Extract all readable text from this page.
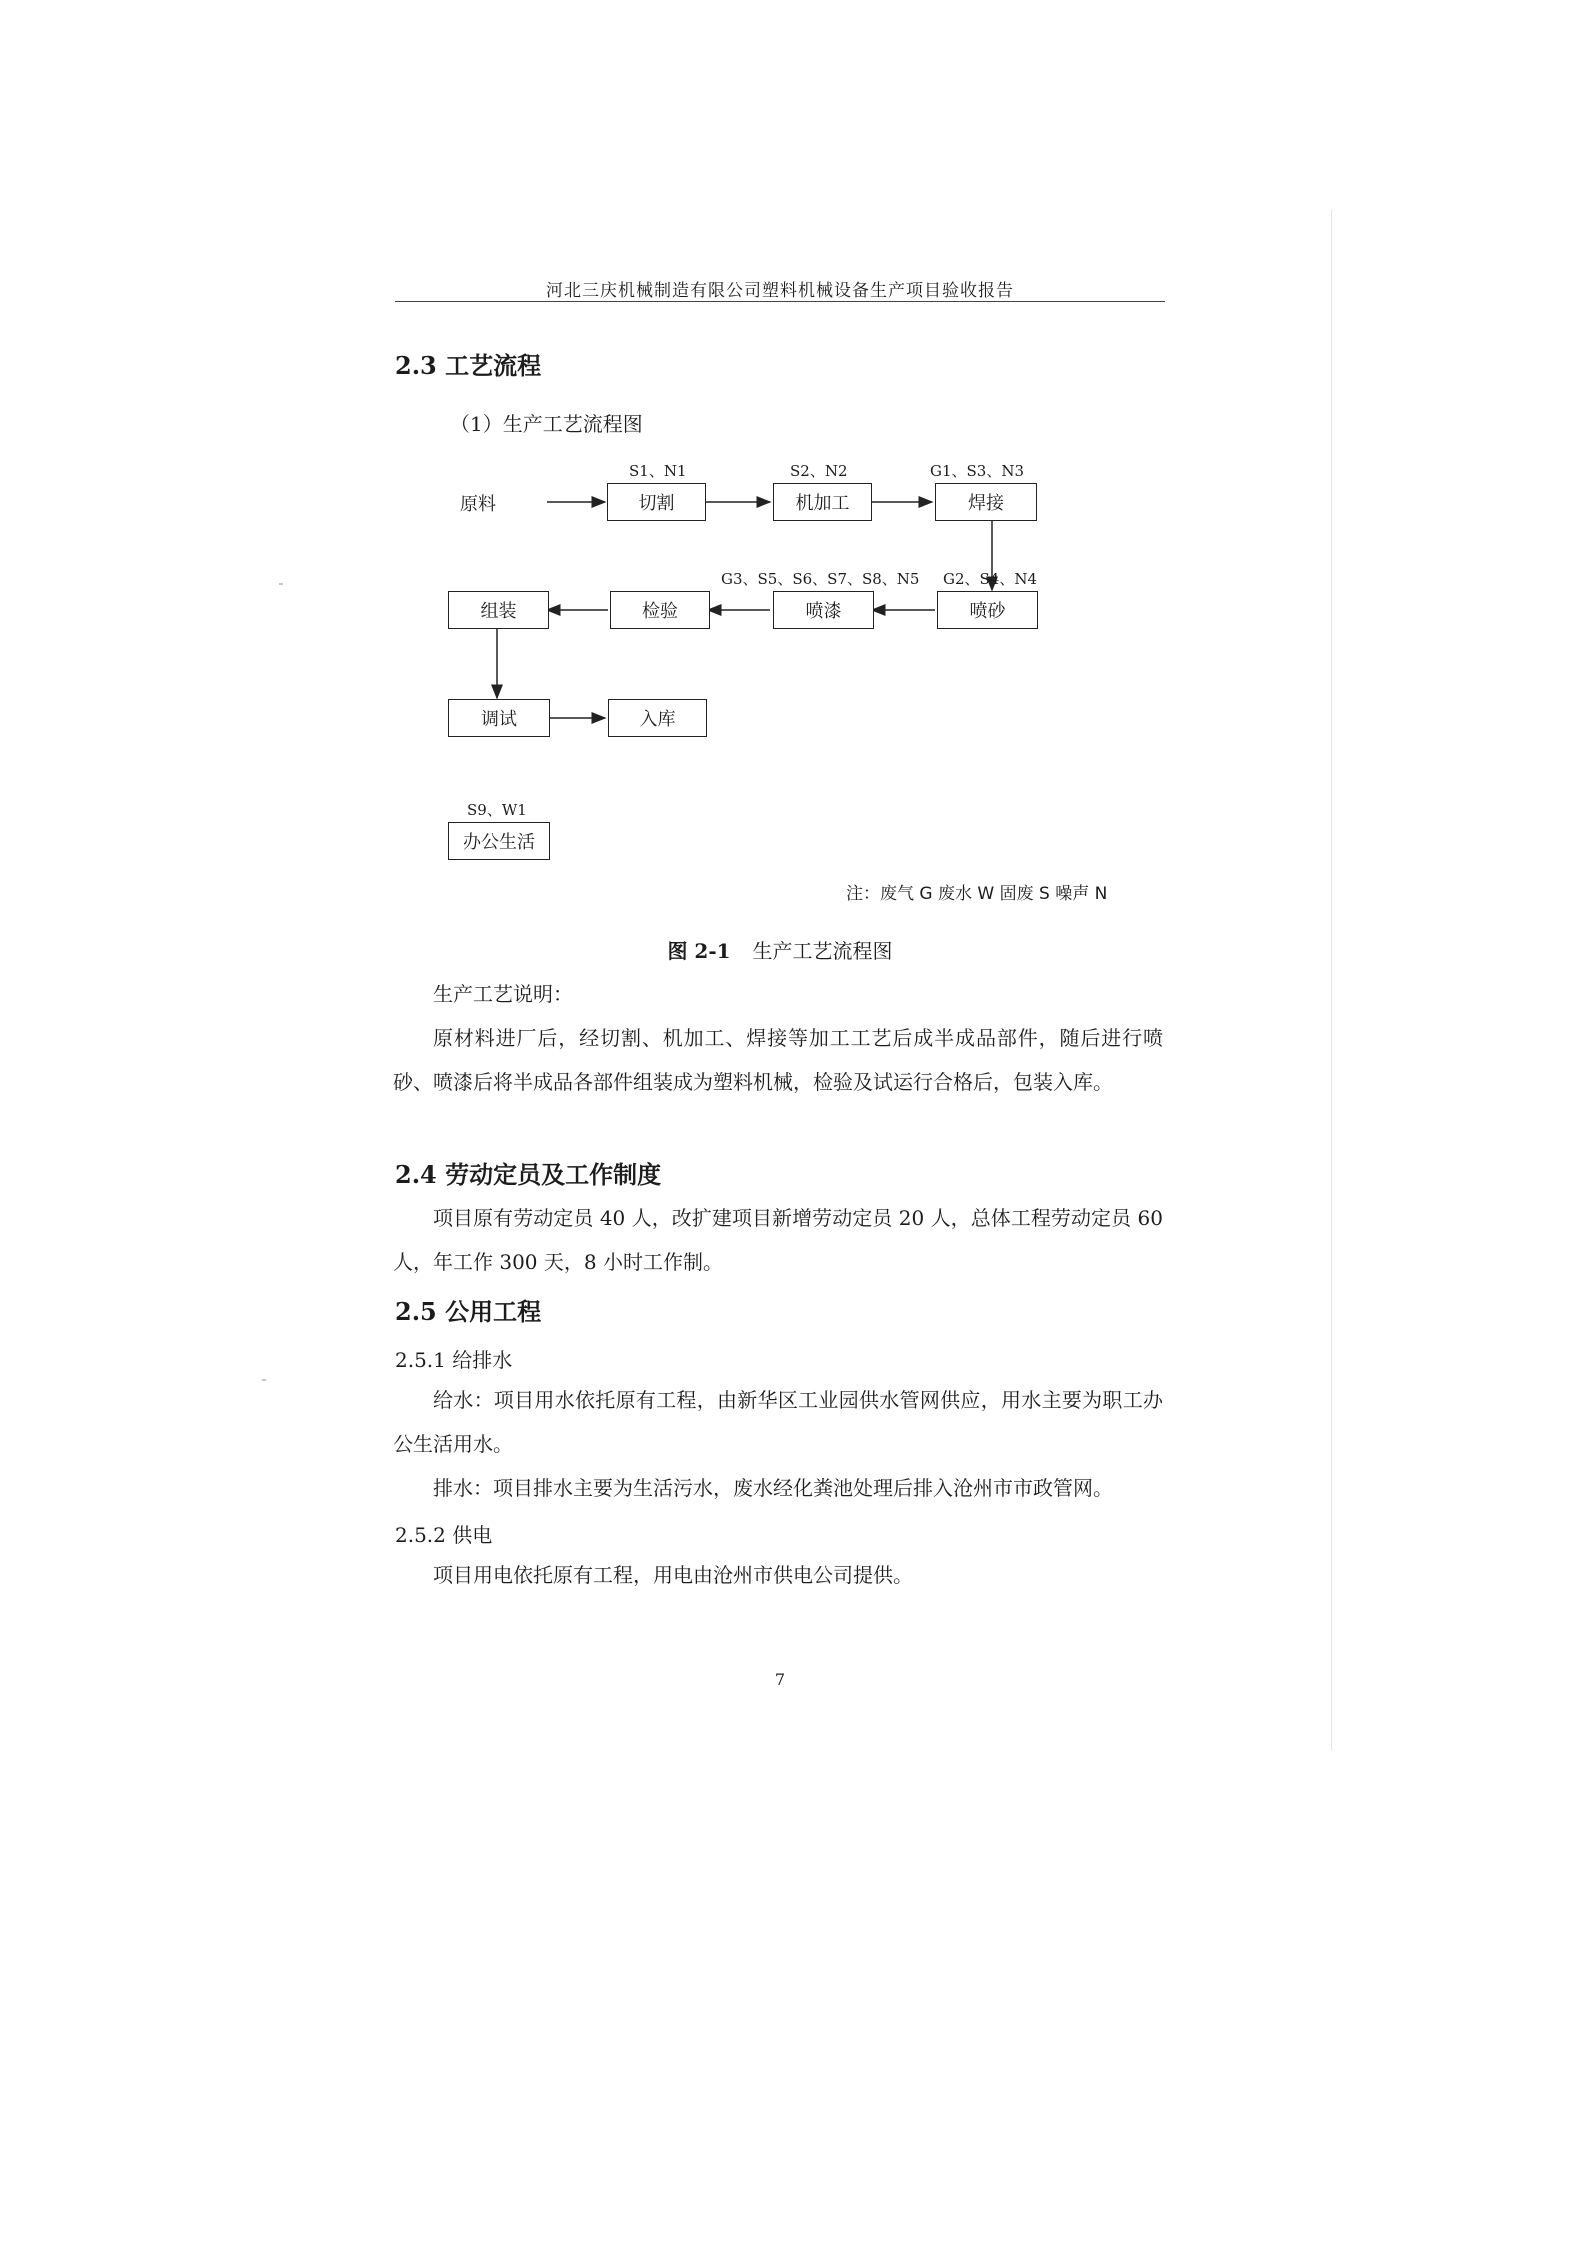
河北三庆机械制造有限公司塑料机械设备生产项目验收报告
2.3 工艺流程
（1）生产工艺流程图
原料	切割	机加工	焊接
组装	检验	喷漆	喷砂
调试	入库
办公生活
S1、N1	S2、N2	G1、S3、N3
G3、S5、S6、S7、S8、N5 G2、S4、N4
S9、W1
注：废气 G 废水 W 固废 S 噪声 N
图 2-1 生产工艺流程图
生产工艺说明：
原材料进厂后，经切割、机加工、焊接等加工工艺后成半成品部件，随后进行喷砂、喷漆后将半成品各部件组装成为塑料机械，检验及试运行合格后，包装入库。
2.4 劳动定员及工作制度
项目原有劳动定员 40 人，改扩建项目新增劳动定员 20 人，总体工程劳动定员 60 人，年工作 300 天，8 小时工作制。
2.5 公用工程
2.5.1 给排水
给水：项目用水依托原有工程，由新华区工业园供水管网供应，用水主要为职工办公生活用水。
排水：项目排水主要为生活污水，废水经化粪池处理后排入沧州市市政管网。
2.5.2 供电
项目用电依托原有工程，用电由沧州市供电公司提供。
7
